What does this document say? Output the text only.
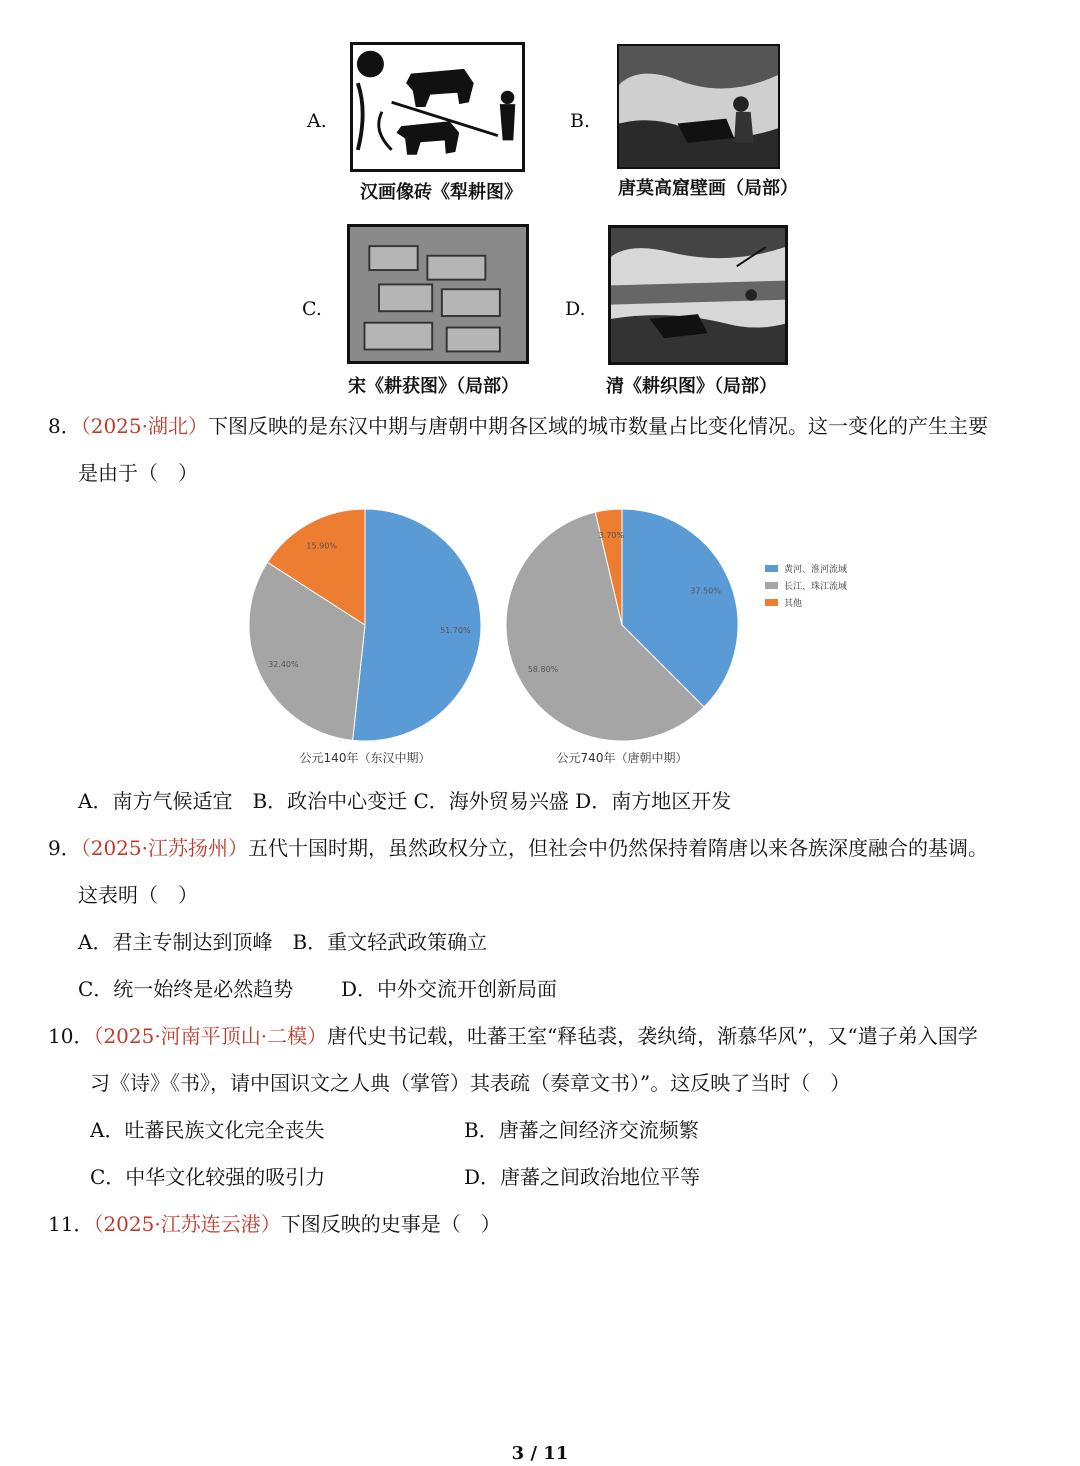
A.
汉画像砖《犁耕图》
B.
唐莫高窟壁画（局部）
C.
宋《耕获图》（局部）
D.
清《耕织图》（局部）
8．（2025·湖北）下图反映的是东汉中期与唐朝中期各区域的城市数量占比变化情况。这一变化的产生主要
是由于（　）
51.70%
32.40%
15.90%
公元140年（东汉中期）
37.50%
58.80%
3.70%
公元740年（唐朝中期）
黄河、淮河流域
长江、珠江流域
其他
A．南方气候适宜　B．政治中心变迁 C．海外贸易兴盛 D．南方地区开发
9．（2025·江苏扬州）五代十国时期，虽然政权分立，但社会中仍然保持着隋唐以来各族深度融合的基调。
这表明（　）
A．君主专制达到顶峰　B．重文轻武政策确立
C．统一始终是必然趋势 D．中外交流开创新局面
10．（2025·河南平顶山·二模）唐代史书记载，吐蕃王室“释毡裘，袭纨绮，渐慕华风”，又“遣子弟入国学
习《诗》《书》，请中国识文之人典（掌管）其表疏（奏章文书）”。这反映了当时（　）
A．吐蕃民族文化完全丧失	B．唐蕃之间经济交流频繁
C．中华文化较强的吸引力	D．唐蕃之间政治地位平等
11．（2025·江苏连云港）下图反映的史事是（　）
3 / 11
